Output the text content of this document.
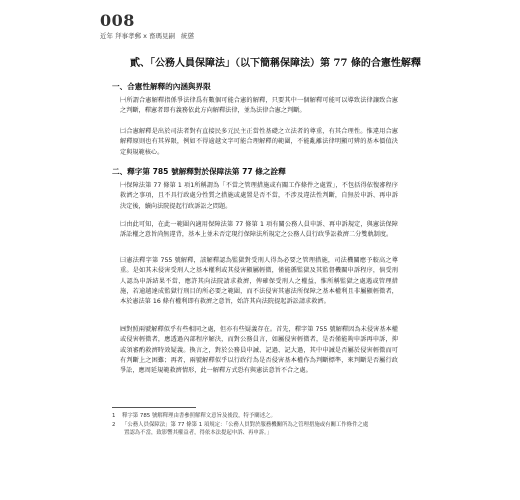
008
近年 拜事孝郵 x 畜瑪見嗣 統懲
貳、「公務人員保障法」（以下簡稱保障法）第 77 條的合憲性解釋
一、合憲性解釋的內涵與界限

㈠所謂合憲解釋指係爭法律爲有數個可能合憲的解釋，只要其中一個解釋可能可以導致法律讓致合憲之判斷，釋憲者即有義務依此方向解釋法律，並為法律合憲之判斷。

㈡合憲解釋是出於司法者對有直接民多元民主正當性基礎之立法者的尊重，有其合理性。惟違用合憲解釋原則也有其界限，例如不得逾越文字可能合理解釋的範圍，不能亂離法律明顯可辨的基本價值決定與規範核心。

二、釋字第 785 號解釋對於保障法第 77 條之詮釋

㈠保障法第 77 條第 1 項1所稱謂為「不當之管理措施或有關工作條件之處置」，不包括得依復審程序救濟之事項，且不具行政處分性質之措施或處置是否不當，不涉及違法性判斷，自無於申訴、再申訴決定後，續向法院提起行政訴訟之問題。

㈡由此可知，在此一範圍內適用保障法第 77 條第 1 項有關公務人員申訴、再申訴規定，與憲法保障訴訟權之意旨尚無違背，基本上並未否定現行保障法所規定之公務人員行政爭訟救濟二分雙軌制度。

㈢憲法釋字第 755 號解釋，該解釋認為監獄對受刑人得為必要之管理措施，司法機關應予較高之尊重。是如其未侵害受刑人之基本權利或其侵害顯屬輕微，僅能循監獄及其監督機關申訴程序，倘受刑人認為申訴結果不當，應許其向法院請求救濟，俾確保受刑人之權益，惟所稱監獄之處遇或管理措施，若逾越達成監獄行刑目的所必要之範圍，而不法侵害其憲法所保障之基本權利且非屬顯輕微者，本於憲法第 16 條有權利即有救濟之意旨，始許其向法院提起訴訟請求救濟。

㈣對照兩號解釋似乎有些相同之處，但亦有些疑義存在。首先，釋字第 755 號解釋因為未侵害基本權或侵害輕微者，應透過內部程序解決，而對公務員言，如屬侵害輕微者，是否僅能夠申訴再申訴，抑或須審酌救濟時效疑義。換言之，對於公務員申誡、記過、記大過，其中申誡是否屬於侵害輕微而可有判斷上之困難；再者，兩號解釋似乎以行政行為是否侵害基本權作為判斷標準，來判斷是否屬行政爭訟，應周延規範救濟情形，此一解釋方式恐有與憲法意旨不合之處。

1 釋字第 785 號解釋理由書參照解釋文意旨及後段，特予闡述之。
2 「公務人員保障法」第 77 條第 1 項規定：「公務人員對於服務機關所為之管理措施或有關工作條件之處
置認為不當，致影響其權益者，得依本法提起申訴、再申訴。」
